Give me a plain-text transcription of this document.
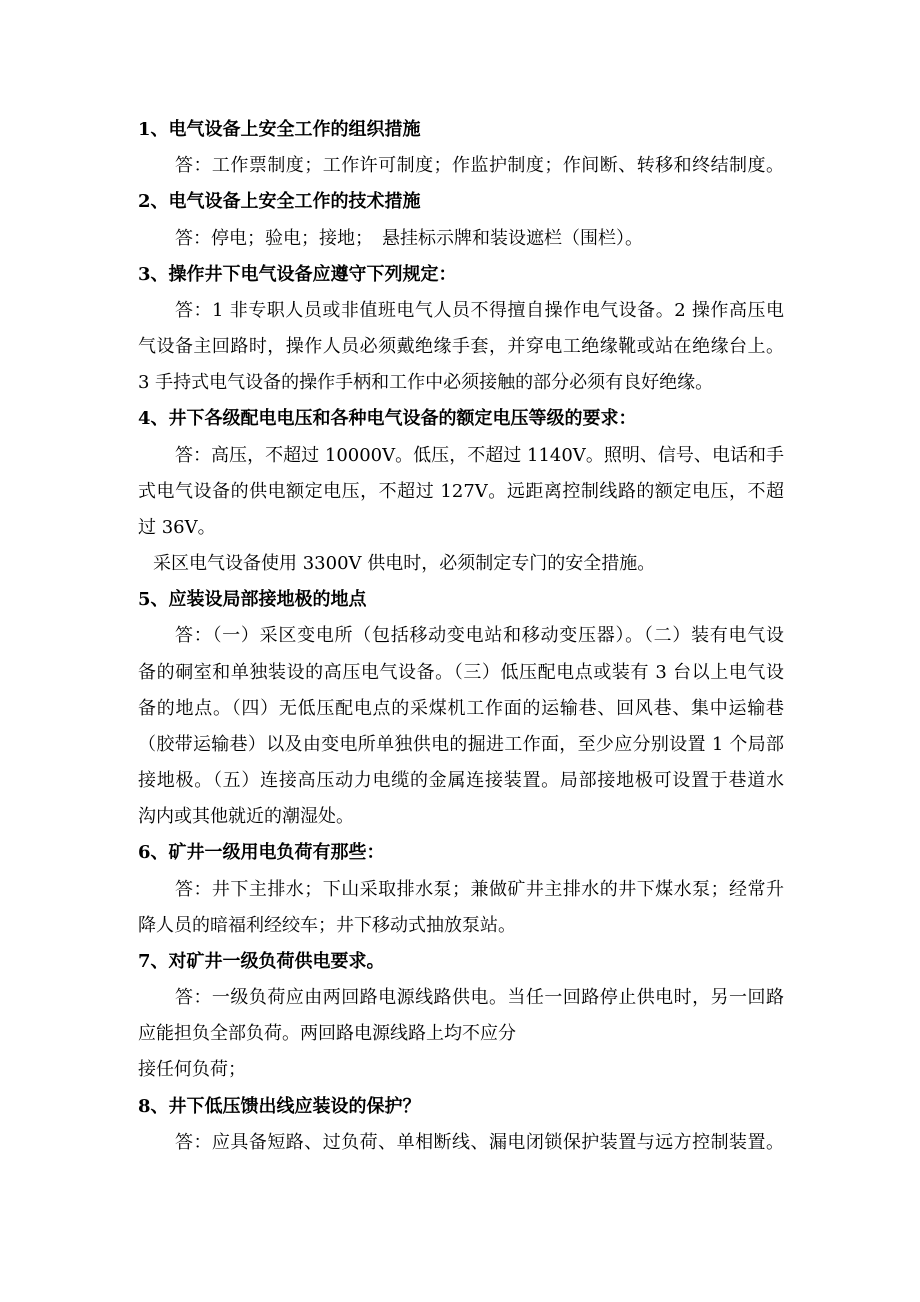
1、电气设备上安全工作的组织措施
答：工作票制度；工作许可制度；作监护制度；作间断、转移和终结制度。
2、电气设备上安全工作的技术措施
答：停电；验电；接地；　悬挂标示牌和装设遮栏（围栏）。
3、操作井下电气设备应遵守下列规定：
答：1 非专职人员或非值班电气人员不得擅自操作电气设备。2 操作高压电
气设备主回路时，操作人员必须戴绝缘手套，并穿电工绝缘靴或站在绝缘台上。
3 手持式电气设备的操作手柄和工作中必须接触的部分必须有良好绝缘。
4、井下各级配电电压和各种电气设备的额定电压等级的要求：
答：高压，不超过 10000V。低压，不超过 1140V。照明、信号、电话和手
式电气设备的供电额定电压，不超过 127V。远距离控制线路的额定电压，不超
过 36V。
采区电气设备使用 3300V 供电时，必须制定专门的安全措施。
5、应装设局部接地极的地点
答：（一）采区变电所（包括移动变电站和移动变压器）。（二）装有电气设
备的硐室和单独装设的高压电气设备。（三）低压配电点或装有 3 台以上电气设
备的地点。（四）无低压配电点的采煤机工作面的运输巷、回风巷、集中运输巷
（胶带运输巷）以及由变电所单独供电的掘进工作面，至少应分别设置 1 个局部
接地极。（五）连接高压动力电缆的金属连接装置。局部接地极可设置于巷道水
沟内或其他就近的潮湿处。
6、矿井一级用电负荷有那些：
答：井下主排水；下山采取排水泵；兼做矿井主排水的井下煤水泵；经常升
降人员的暗福利经绞车；井下移动式抽放泵站。
7、对矿井一级负荷供电要求。
答：一级负荷应由两回路电源线路供电。当任一回路停止供电时，另一回路
应能担负全部负荷。两回路电源线路上均不应分
接任何负荷；
8、井下低压馈出线应装设的保护？
答：应具备短路、过负荷、单相断线、漏电闭锁保护装置与远方控制装置。
